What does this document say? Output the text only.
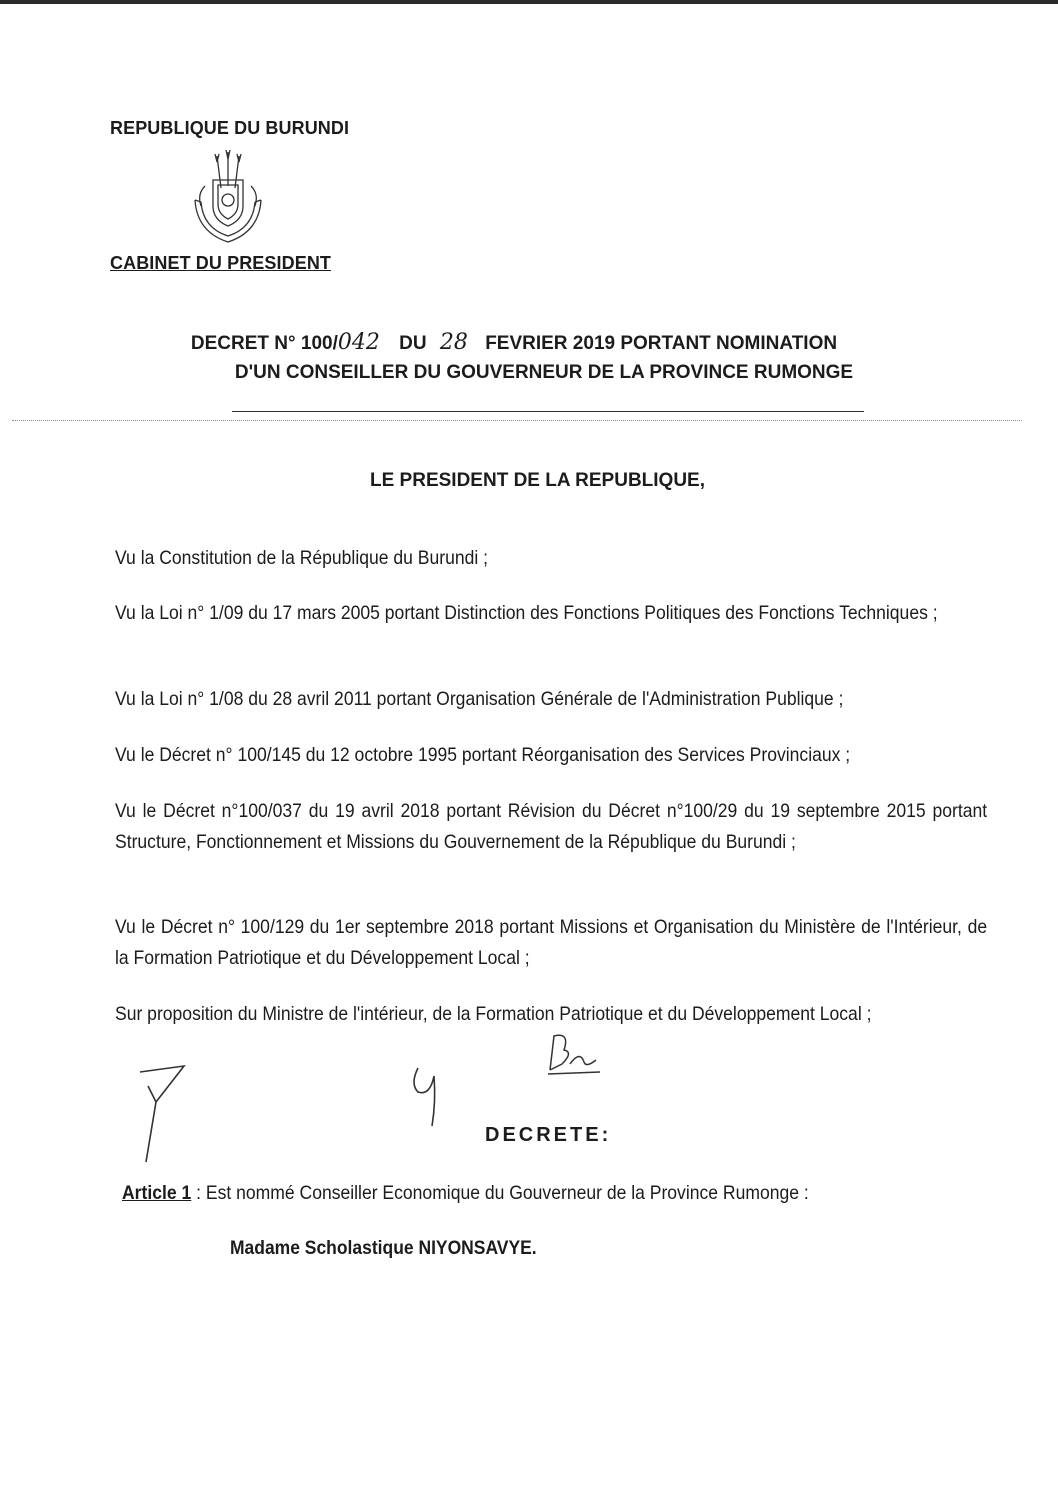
REPUBLIQUE DU BURUNDI
CABINET DU PRESIDENT
DECRET N° 100/042 DU 28 FEVRIER 2019 PORTANT NOMINATION
D'UN CONSEILLER DU GOUVERNEUR DE LA PROVINCE RUMONGE
LE PRESIDENT DE LA REPUBLIQUE,
Vu la Constitution de la République du Burundi ;
Vu la Loi n° 1/09 du 17 mars 2005 portant Distinction des Fonctions Politiques des Fonctions Techniques ;
Vu la Loi n° 1/08 du 28 avril 2011 portant Organisation Générale de l'Administration Publique ;
Vu le Décret n° 100/145 du 12 octobre 1995 portant Réorganisation des Services Provinciaux ;
Vu le Décret n°100/037 du 19 avril 2018 portant Révision du Décret n°100/29 du 19 septembre 2015 portant Structure, Fonctionnement et Missions du Gouvernement de la République du Burundi ;
Vu le Décret n° 100/129 du 1er septembre 2018 portant Missions et Organisation du Ministère de l'Intérieur, de la Formation Patriotique et du Développement Local ;
Sur proposition du Ministre de l'intérieur, de la Formation Patriotique et du Développement Local ;
DECRETE:
Article 1 : Est nommé Conseiller Economique du Gouverneur de la Province Rumonge :
Madame Scholastique NIYONSAVYE.
